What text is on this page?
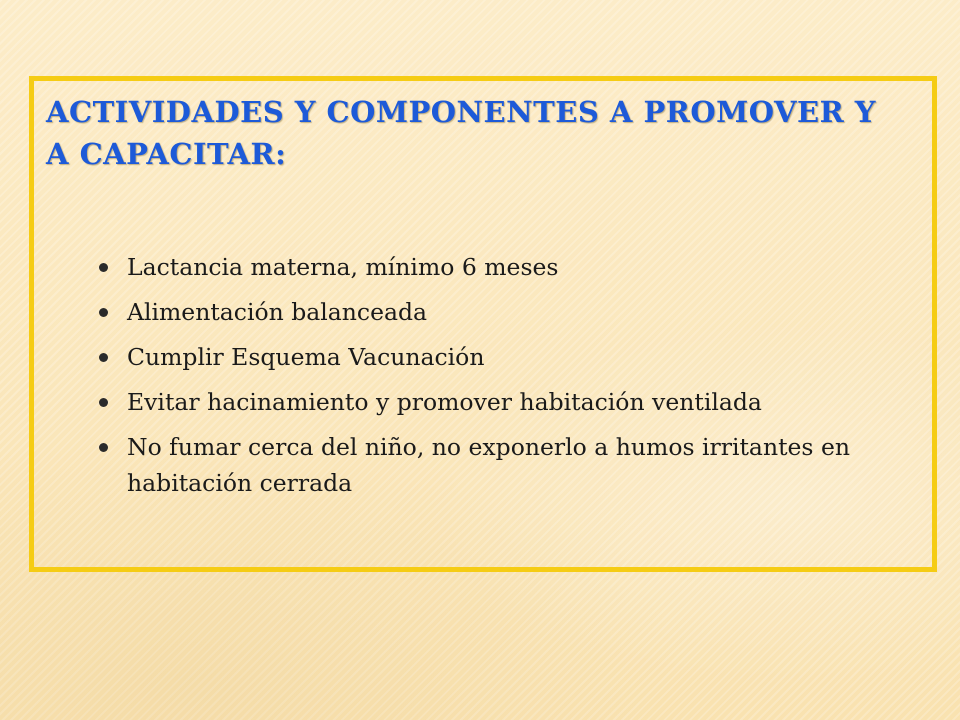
ACTIVIDADES Y COMPONENTES A PROMOVER Y A CAPACITAR:
Lactancia materna, mínimo 6 meses
Alimentación balanceada
Cumplir Esquema Vacunación
Evitar hacinamiento y promover habitación ventilada
No fumar cerca del niño, no exponerlo a humos irritantes en habitación cerrada
